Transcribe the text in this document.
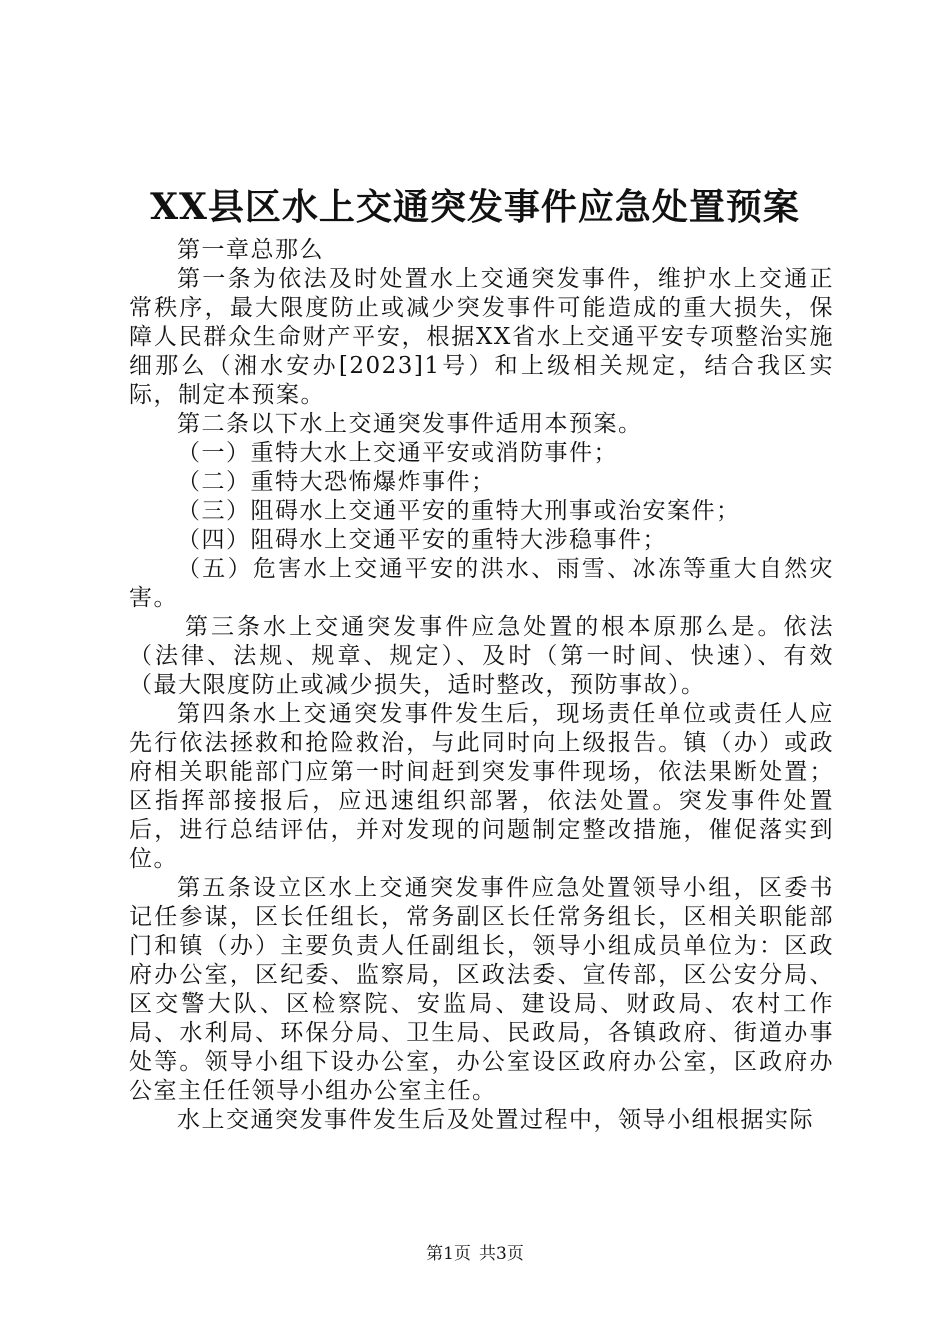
XX县区水上交通突发事件应急处置预案

第一章总那么

第一条为依法及时处置水上交通突发事件，维护水上交通正常秩序，最大限度防止或减少突发事件可能造成的重大损失，保障人民群众生命财产平安，根据XX省水上交通平安专项整治实施细那么（湘水安办[2023]1号）和上级相关规定，结合我区实际，制定本预案。

第二条以下水上交通突发事件适用本预案。

（一）重特大水上交通平安或消防事件；

（二）重特大恐怖爆炸事件；

（三）阻碍水上交通平安的重特大刑事或治安案件；

（四）阻碍水上交通平安的重特大涉稳事件；

（五）危害水上交通平安的洪水、雨雪、冰冻等重大自然灾害。

第三条水上交通突发事件应急处置的根本原那么是。依法（法律、法规、规章、规定）、及时（第一时间、快速）、有效（最大限度防止或减少损失，适时整改，预防事故）。

第四条水上交通突发事件发生后，现场责任单位或责任人应先行依法拯救和抢险救治，与此同时向上级报告。镇（办）或政府相关职能部门应第一时间赶到突发事件现场，依法果断处置；区指挥部接报后，应迅速组织部署，依法处置。突发事件处置后，进行总结评估，并对发现的问题制定整改措施，催促落实到位。

第五条设立区水上交通突发事件应急处置领导小组，区委书记任参谋，区长任组长，常务副区长任常务组长，区相关职能部门和镇（办）主要负责人任副组长，领导小组成员单位为：区政府办公室，区纪委、监察局，区政法委、宣传部，区公安分局、区交警大队、区检察院、安监局、建设局、财政局、农村工作局、水利局、环保分局、卫生局、民政局，各镇政府、街道办事处等。领导小组下设办公室，办公室设区政府办公室，区政府办公室主任任领导小组办公室主任。

水上交通突发事件发生后及处置过程中，领导小组根据实际

第1页 共3页
